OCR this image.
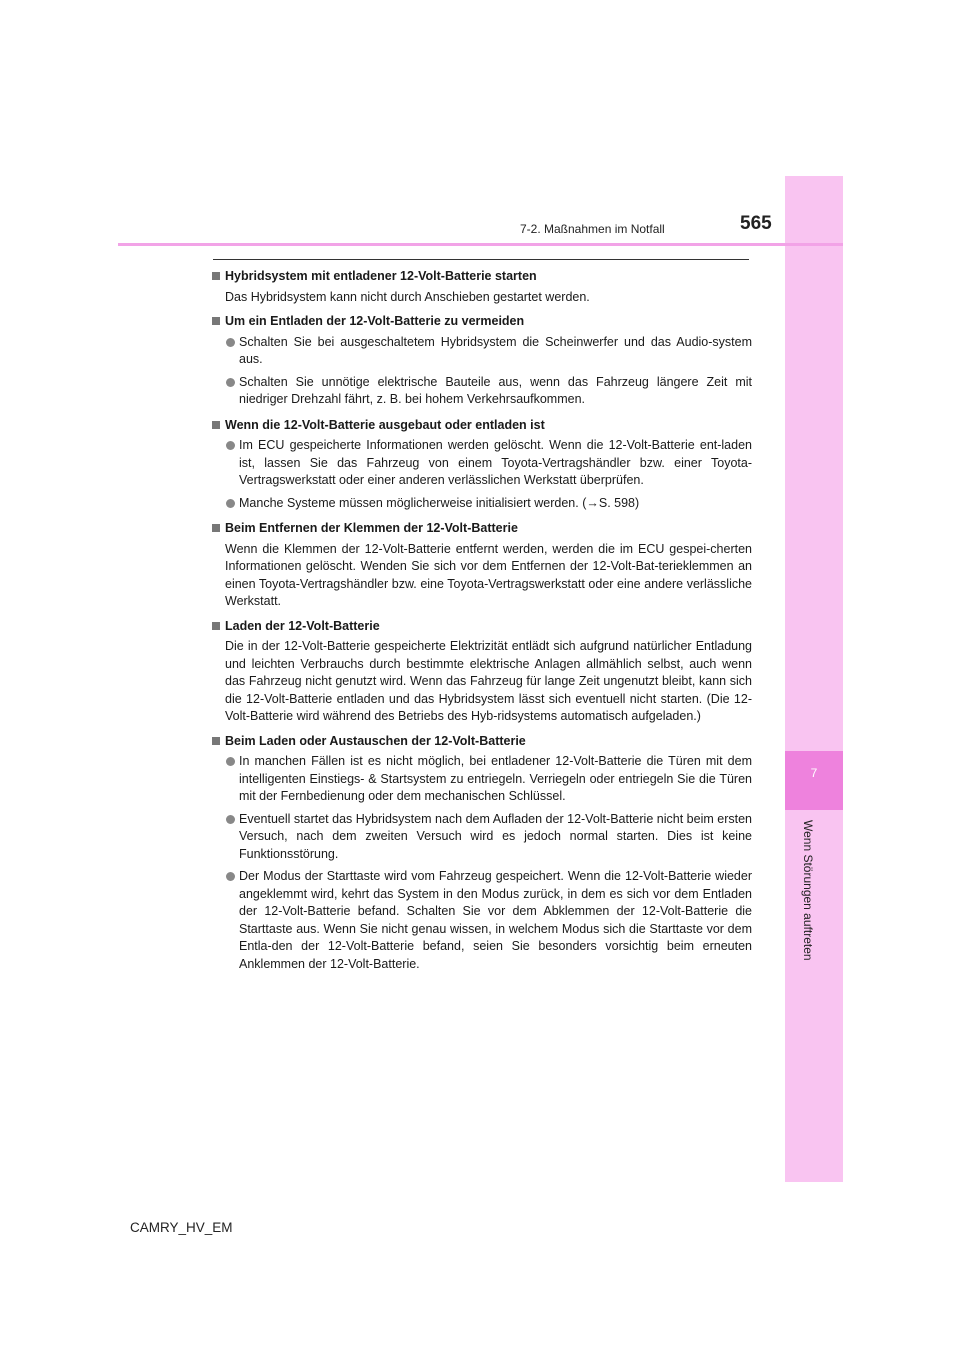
7
Wenn Störungen auftreten
7-2. Maßnahmen im Notfall	565
Hybridsystem mit entladener 12-Volt-Batterie starten

Das Hybridsystem kann nicht durch Anschieben gestartet werden.

Um ein Entladen der 12-Volt-Batterie zu vermeiden

Schalten Sie bei ausgeschaltetem Hybridsystem die Scheinwerfer und das Audio-system aus.

Schalten Sie unnötige elektrische Bauteile aus, wenn das Fahrzeug längere Zeit mit niedriger Drehzahl fährt, z. B. bei hohem Verkehrsaufkommen.

Wenn die 12-Volt-Batterie ausgebaut oder entladen ist

Im ECU gespeicherte Informationen werden gelöscht. Wenn die 12-Volt-Batterie ent-laden ist, lassen Sie das Fahrzeug von einem Toyota-Vertragshändler bzw. einer Toyota-Vertragswerkstatt oder einer anderen verlässlichen Werkstatt überprüfen.

Manche Systeme müssen möglicherweise initialisiert werden. (→S. 598)

Beim Entfernen der Klemmen der 12-Volt-Batterie

Wenn die Klemmen der 12-Volt-Batterie entfernt werden, werden die im ECU gespei-cherten Informationen gelöscht. Wenden Sie sich vor dem Entfernen der 12-Volt-Bat-terieklemmen an einen Toyota-Vertragshändler bzw. eine Toyota-Vertragswerkstatt oder eine andere verlässliche Werkstatt.

Laden der 12-Volt-Batterie

Die in der 12-Volt-Batterie gespeicherte Elektrizität entlädt sich aufgrund natürlicher Entladung und leichten Verbrauchs durch bestimmte elektrische Anlagen allmählich selbst, auch wenn das Fahrzeug nicht genutzt wird. Wenn das Fahrzeug für lange Zeit ungenutzt bleibt, kann sich die 12-Volt-Batterie entladen und das Hybridsystem lässt sich eventuell nicht starten. (Die 12-Volt-Batterie wird während des Betriebs des Hyb-ridsystems automatisch aufgeladen.)

Beim Laden oder Austauschen der 12-Volt-Batterie

In manchen Fällen ist es nicht möglich, bei entladener 12-Volt-Batterie die Türen mit dem intelligenten Einstiegs- & Startsystem zu entriegeln. Verriegeln oder entriegeln Sie die Türen mit der Fernbedienung oder dem mechanischen Schlüssel.

Eventuell startet das Hybridsystem nach dem Aufladen der 12-Volt-Batterie nicht beim ersten Versuch, nach dem zweiten Versuch wird es jedoch normal starten. Dies ist keine Funktionsstörung.

Der Modus der Starttaste wird vom Fahrzeug gespeichert. Wenn die 12-Volt-Batterie wieder angeklemmt wird, kehrt das System in den Modus zurück, in dem es sich vor dem Entladen der 12-Volt-Batterie befand. Schalten Sie vor dem Abklemmen der 12-Volt-Batterie die Starttaste aus. Wenn Sie nicht genau wissen, in welchem Modus sich die Starttaste vor dem Entla-den der 12-Volt-Batterie befand, seien Sie besonders vorsichtig beim erneuten Anklemmen der 12-Volt-Batterie.

CAMRY_HV_EM
